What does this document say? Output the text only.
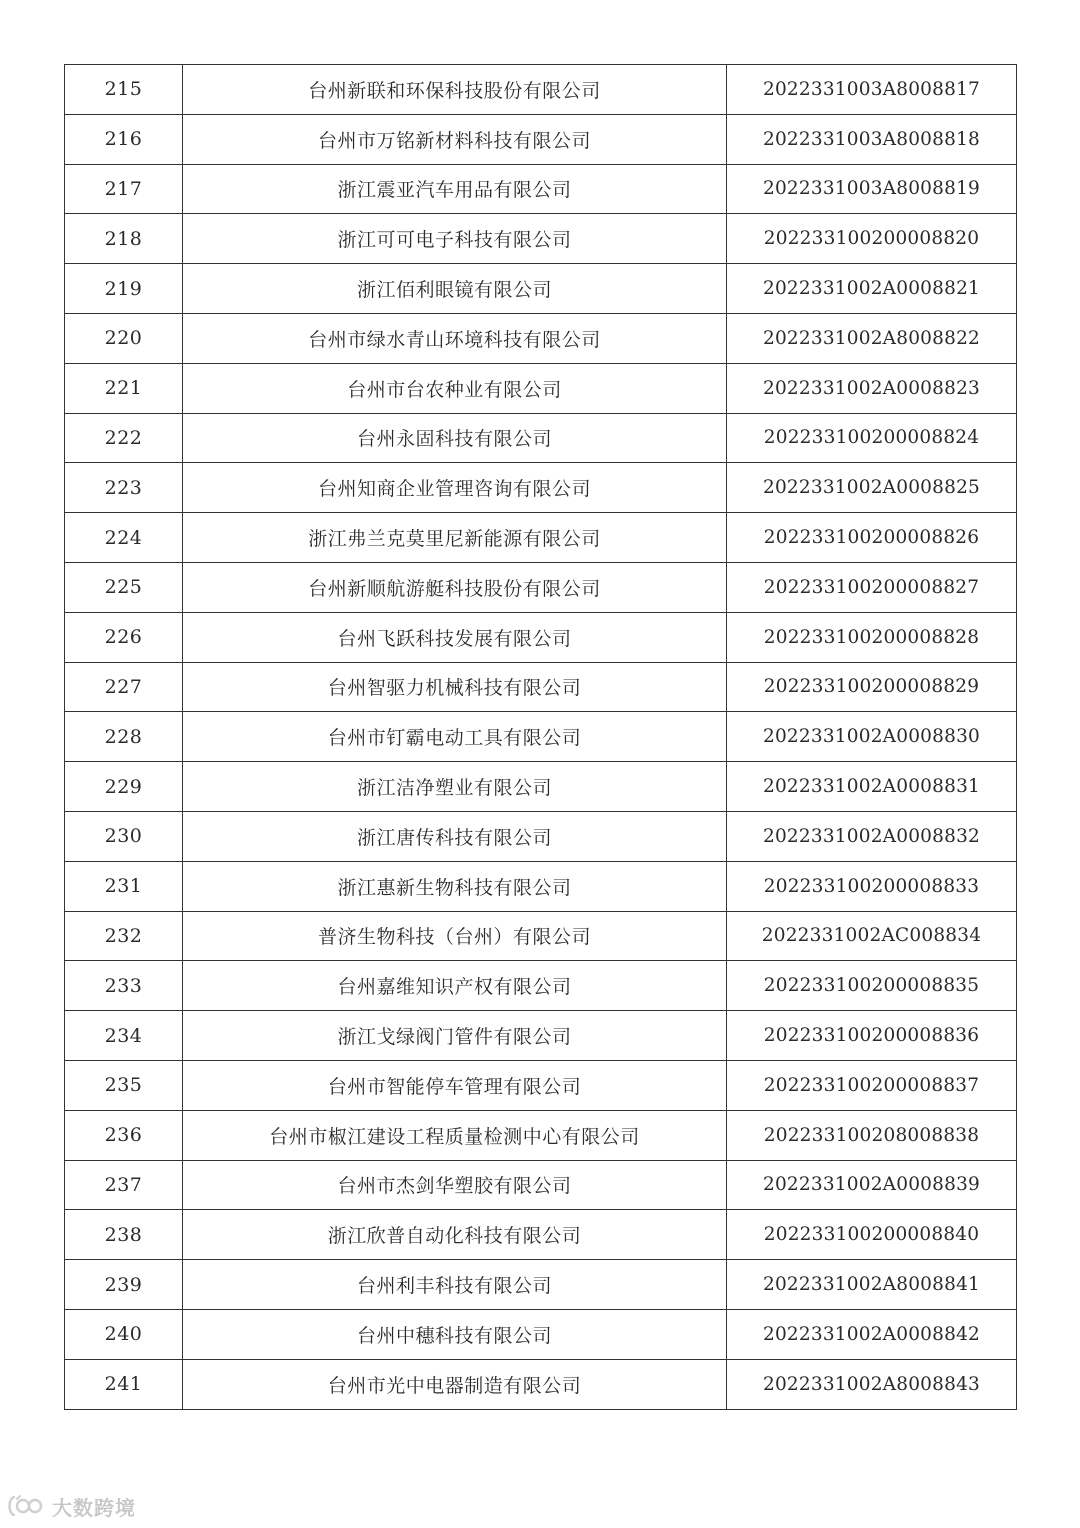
215	台州新联和环保科技股份有限公司	2022331003A8008817
216	台州市万铭新材料科技有限公司	2022331003A8008818
217	浙江震亚汽车用品有限公司	2022331003A8008819
218	浙江可可电子科技有限公司	202233100200008820
219	浙江佰利眼镜有限公司	2022331002A0008821
220	台州市绿水青山环境科技有限公司	2022331002A8008822
221	台州市台农种业有限公司	2022331002A0008823
222	台州永固科技有限公司	202233100200008824
223	台州知商企业管理咨询有限公司	2022331002A0008825
224	浙江弗兰克莫里尼新能源有限公司	202233100200008826
225	台州新顺航游艇科技股份有限公司	202233100200008827
226	台州飞跃科技发展有限公司	202233100200008828
227	台州智驱力机械科技有限公司	202233100200008829
228	台州市钉霸电动工具有限公司	2022331002A0008830
229	浙江洁净塑业有限公司	2022331002A0008831
230	浙江唐传科技有限公司	2022331002A0008832
231	浙江惠新生物科技有限公司	202233100200008833
232	普济生物科技（台州）有限公司	2022331002AC008834
233	台州嘉维知识产权有限公司	202233100200008835
234	浙江戈绿阀门管件有限公司	202233100200008836
235	台州市智能停车管理有限公司	202233100200008837
236	台州市椒江建设工程质量检测中心有限公司	202233100208008838
237	台州市杰剑华塑胶有限公司	2022331002A0008839
238	浙江欣普自动化科技有限公司	202233100200008840
239	台州利丰科技有限公司	2022331002A8008841
240	台州中穗科技有限公司	2022331002A0008842
241	台州市光中电器制造有限公司	2022331002A8008843
大数跨境
